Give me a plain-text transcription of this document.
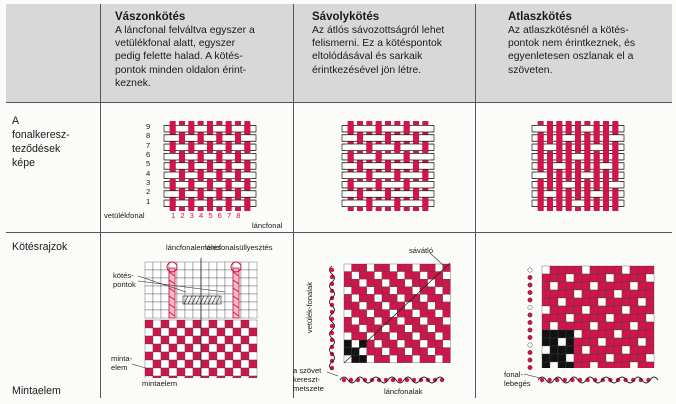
Vászonkötés
A láncfonal felváltva egyszer a
vetülékfonal alatt, egyszer
pedig felette halad. A kötés-
pontok minden oldalon érint-
keznek.
Sávolykötés
Az átlós sávozottságról lehet
felismerni. Ez a kötéspontok
eltolódásával és sarkaik
érintkezésével jön létre.
Atlaszkötés
Az atlaszkötésnél a kötés-
pontok nem érintkeznek, és
egyenletesen oszlanak el a
szöveten.
A
fonalkeresz-
teződések
képe
Kötésrajzok
Mintaelem
9
8
7
6
5
4
3
2
1
1 2 3 4 5 6 7 8
vetülékfonal
láncfonal
láncfonalemelés
láncfonalsüllyesztés
kötés-
pontok
minta-
elem
mintaelem
sávátló
vetülék-fonalak
a szövet
kereszt-
metszete	láncfonalak
fonal-
lebegés
